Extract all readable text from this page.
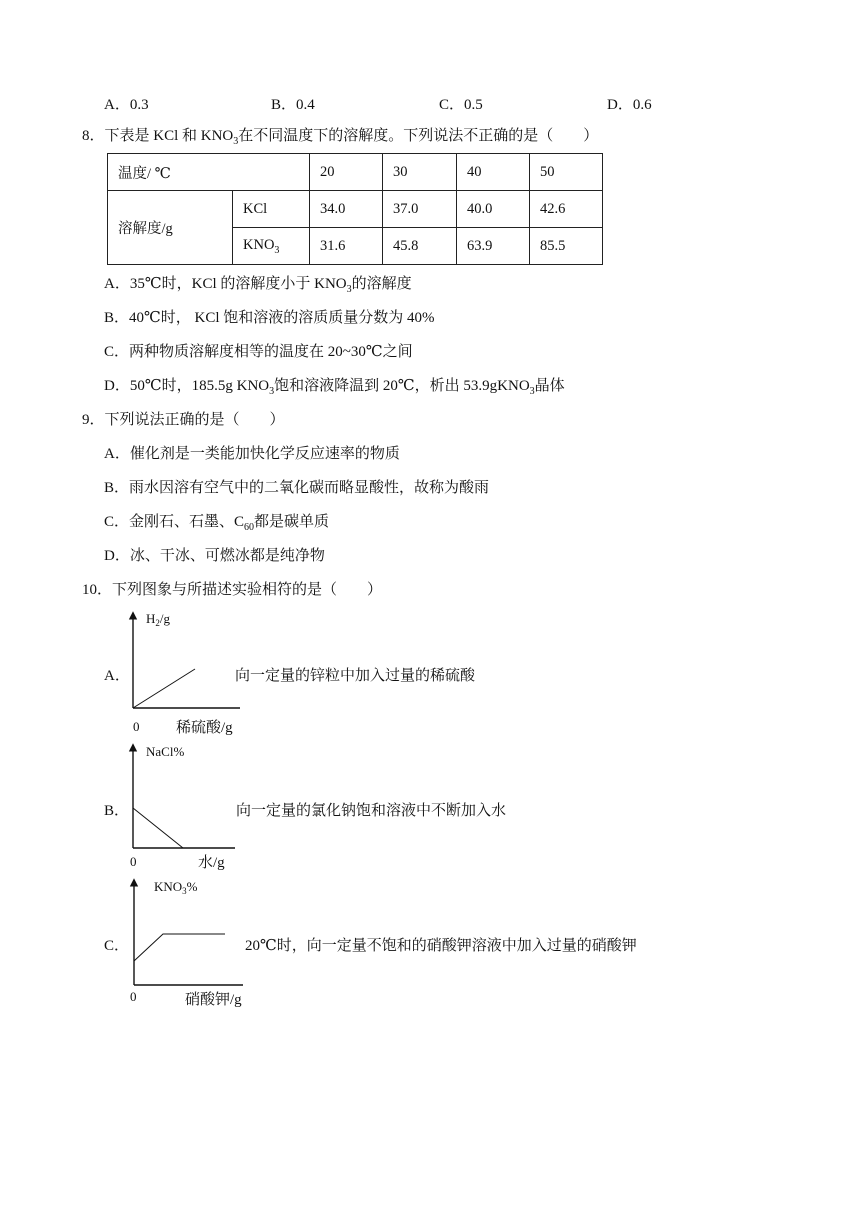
A．0.3	B．0.4	C．0.5	D．0.6
8．下表是 KCl 和 $KNO_3$在不同温度下的溶解度。下列说法不正确的是（　　）
温度/ ℃		20	30	40	50
溶解度/g	KCl	34.0	37.0	40.0	42.6
	$KNO_3$	31.6	45.8	63.9	85.5
A．35℃时，KCl 的溶解度小于 $KNO_3$的溶解度
B．40℃时， KCl 饱和溶液的溶质质量分数为 40%
C．两种物质溶解度相等的温度在 20~30℃之间
D．50℃时，185.5g $KNO_3$饱和溶液降温到 20℃，析出 53.9gKNO$_3$晶体
9．下列说法正确的是（　　）
A．催化剂是一类能加快化学反应速率的物质
B．雨水因溶有空气中的二氧化碳而略显酸性，故称为酸雨
C．金刚石、石墨、$C_{60}$都是碳单质
D．冰、干冰、可燃冰都是纯净物
10．下列图象与所描述实验相符的是（　　）
A．
$H_2/g$
0 稀硫酸/g
向一定量的锌粒中加入过量的稀硫酸
B．
NaCl%
0	水/g
向一定量的氯化钠饱和溶液中不断加入水
C．
$KNO_3\%$
0	硝酸钾/g
20℃时，向一定量不饱和的硝酸钾溶液中加入过量的硝酸钾
